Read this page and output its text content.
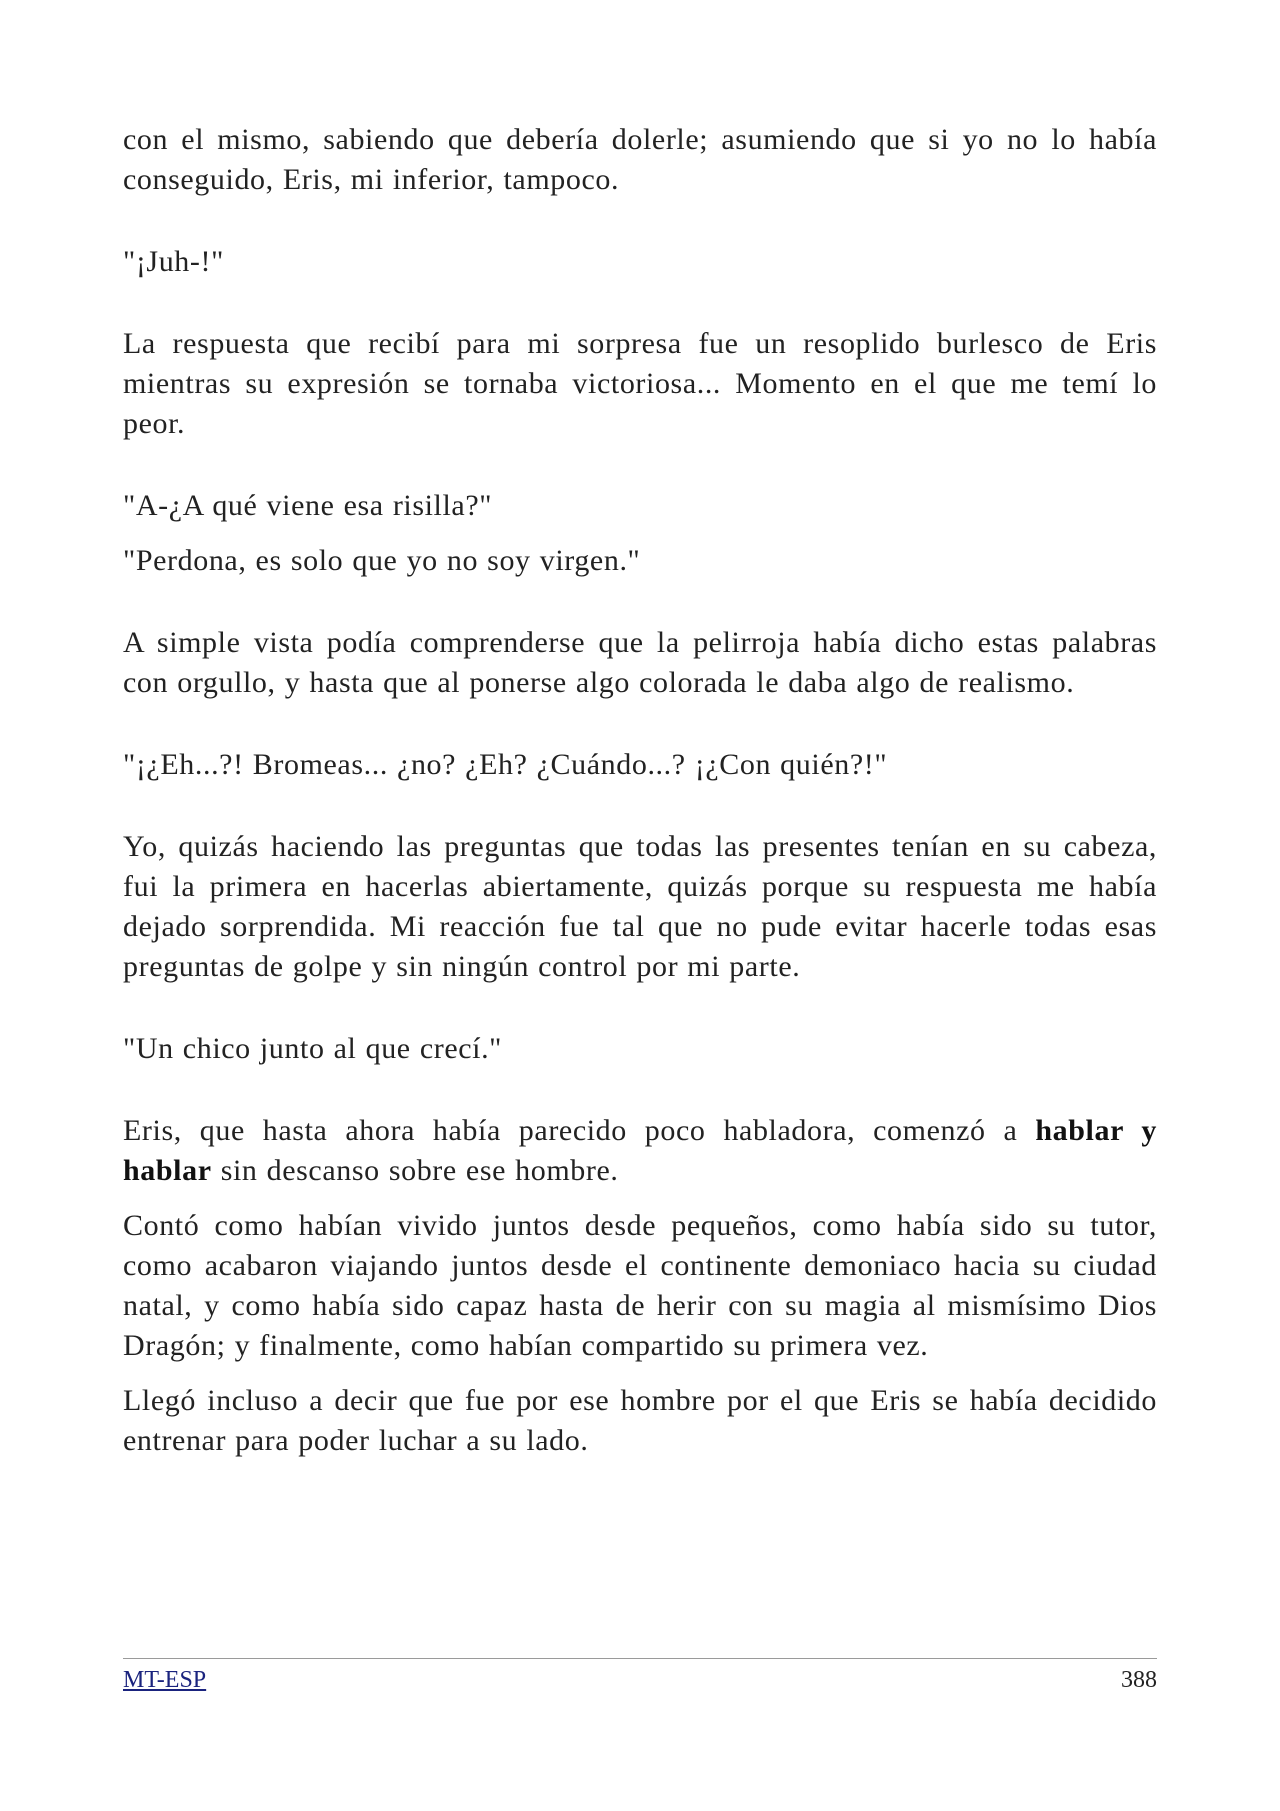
con el mismo, sabiendo que debería dolerle; asumiendo que si yo no lo había conseguido, Eris, mi inferior, tampoco.

"¡Juh-!"

La respuesta que recibí para mi sorpresa fue un resoplido burlesco de Eris mientras su expresión se tornaba victoriosa... Momento en el que me temí lo peor.

"A-¿A qué viene esa risilla?"

"Perdona, es solo que yo no soy virgen."

A simple vista podía comprenderse que la pelirroja había dicho estas palabras con orgullo, y hasta que al ponerse algo colorada le daba algo de realismo.

"¡¿Eh...?! Bromeas... ¿no? ¿Eh? ¿Cuándo...? ¡¿Con quién?!"

Yo, quizás haciendo las preguntas que todas las presentes tenían en su cabeza, fui la primera en hacerlas abiertamente, quizás porque su respuesta me había dejado sorprendida. Mi reacción fue tal que no pude evitar hacerle todas esas preguntas de golpe y sin ningún control por mi parte.

"Un chico junto al que crecí."

Eris, que hasta ahora había parecido poco habladora, comenzó a hablar y hablar sin descanso sobre ese hombre.

Contó como habían vivido juntos desde pequeños, como había sido su tutor, como acabaron viajando juntos desde el continente demoniaco hacia su ciudad natal, y como había sido capaz hasta de herir con su magia al mismísimo Dios Dragón; y finalmente, como habían compartido su primera vez.

Llegó incluso a decir que fue por ese hombre por el que Eris se había decidido entrenar para poder luchar a su lado.

MT-ESP	388
